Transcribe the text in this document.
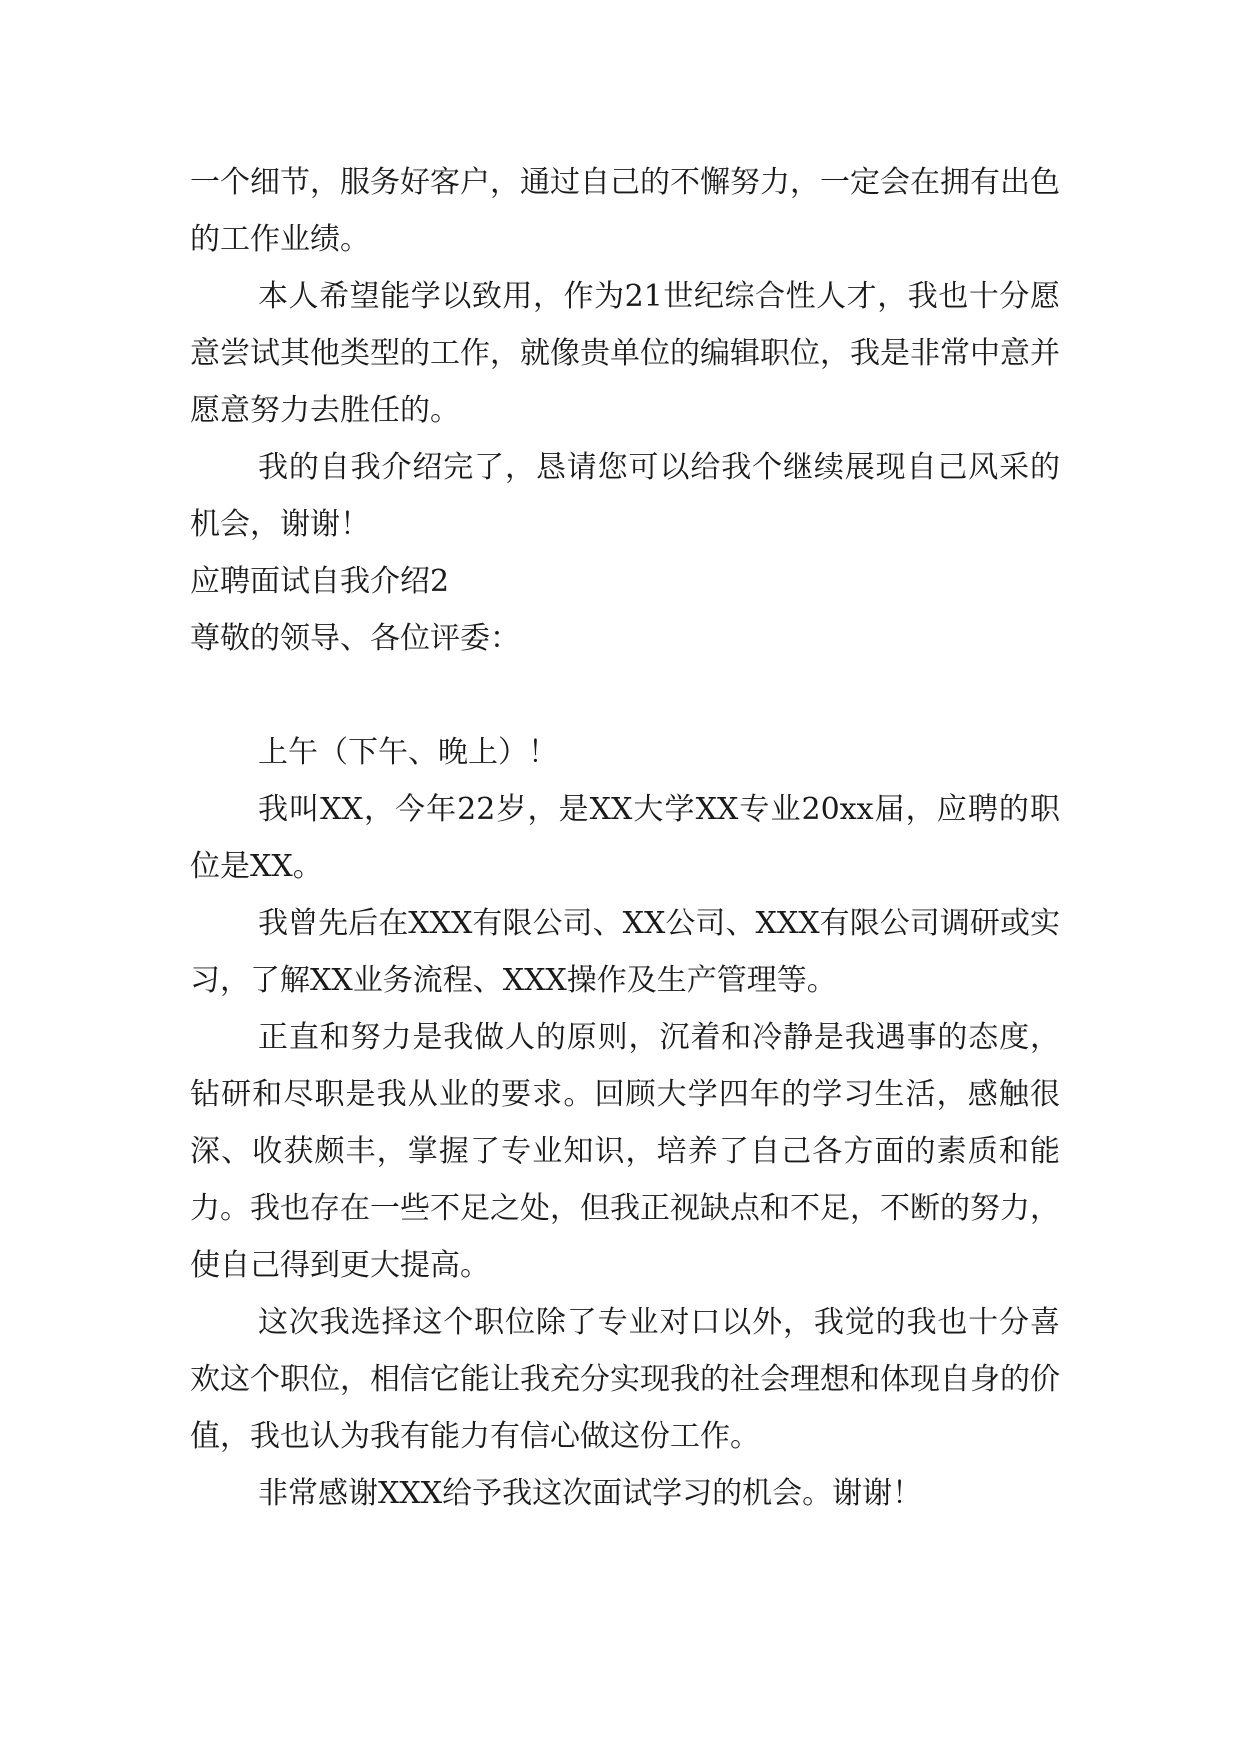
一个细节，服务好客户，通过自己的不懈努力，一定会在拥有出色的工作业绩。

本人希望能学以致用，作为21世纪综合性人才，我也十分愿意尝试其他类型的工作，就像贵单位的编辑职位，我是非常中意并愿意努力去胜任的。

我的自我介绍完了，恳请您可以给我个继续展现自己风采的机会，谢谢！

应聘面试自我介绍2

尊敬的领导、各位评委：

上午（下午、晚上）！

我叫XX，今年22岁，是XX大学XX专业20xx届，应聘的职位是XX。

我曾先后在XXX有限公司、XX公司、XXX有限公司调研或实习，了解XX业务流程、XXX操作及生产管理等。

正直和努力是我做人的原则，沉着和冷静是我遇事的态度，钻研和尽职是我从业的要求。回顾大学四年的学习生活，感触很深、收获颇丰，掌握了专业知识，培养了自己各方面的素质和能力。我也存在一些不足之处，但我正视缺点和不足，不断的努力，使自己得到更大提高。

这次我选择这个职位除了专业对口以外，我觉的我也十分喜欢这个职位，相信它能让我充分实现我的社会理想和体现自身的价值，我也认为我有能力有信心做这份工作。

非常感谢XXX给予我这次面试学习的机会。谢谢！
